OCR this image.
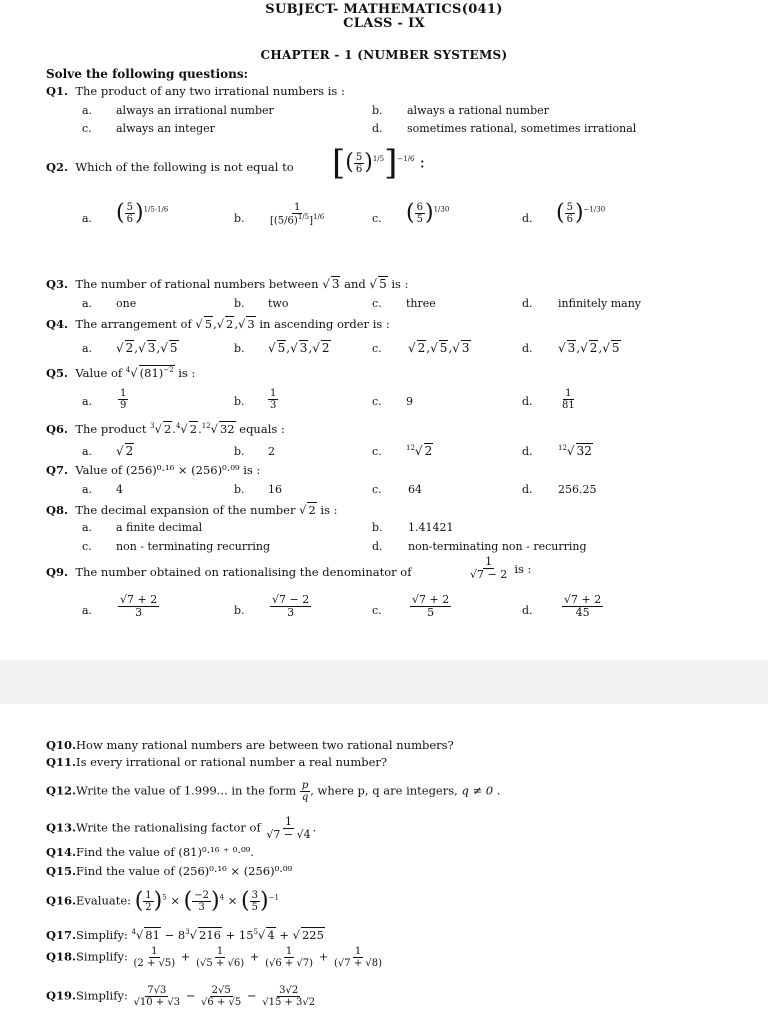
SUBJECT- MATHEMATICS(041)
CLASS - IX
CHAPTER - 1 (NUMBER SYSTEMS)
Solve the following questions:
Q1. The product of any two irrational numbers is :
a. always an irrational number	b. always a rational number
c. always an integer	d. sometimes rational, sometimes irrational
Q2. Which of the following is not equal to [( $\frac{5}{6} )^{1/5}]^{-1/6}$ :
a. ( $\frac{5}{6} )^{1/5\cdot 1/6}$
b. $\frac{1}{[(5/6)^{1/5}]^{1/6}}$	c. ( $\frac{6}{5} )^{1/30}$
d. ( $\frac{5}{6} )^{-1/30}$
Q3. The number of rational numbers between √ 3 and √ 5 is :
a. one	b. two	c. three	d. infinitely many
Q4. The arrangement of √ 5,√ 2,√ 3 in ascending order is :
a. √ 2,√ 3,√ 5	b. √ 5,√ 3,√ 2	c. √ 2,√ 5,√ 3	d. √ 3,√ 2,√ 5
Q5. Value of $^4$√ $(81)^{-2}$ is :
a.	$\frac{1}{9}$	b. $\frac{1}{3}$	c. 9	d.	$\frac{1}{81}$
Q6. The product $^3$√ 2.$^4$√ 2.12√ 32 equals :
a. √ 2	b. 2	c.	$^{12}$√ 2	d.	$^{12}$√ 32
Q7. Value of (256)⁰·¹⁶ × (256)⁰·⁰⁹ is :
a. 4	b. 16	c. 64	d. 256.25
Q8. The decimal expansion of the number √ 2 is :
a. a finite decimal	b. 1.41421
c. non - terminating recurring	d. non-terminating non - recurring
Q9. The number obtained on rationalising the denominator of	$\frac{1}{√7 - 2}$ is :
a. $\frac{√7 + 2}{3}$	b. $\frac{√7 - 2}{3}$	c.	$\frac{√7 + 2}{5}$	d.	$\frac{√7 + 2}{45}$
Q10.How many rational numbers are between two rational numbers?
Q11.Is every irrational or rational number a real number?
Q12.Write the value of 1.999... in the form $\frac{p}{q}$ , where p, q are integers, q ≠ 0 .
Q13.Write the rationalising factor of $\frac{1}{√7 - √4}$ .
Q14.Find the value of (81)⁰·¹⁶ ⁺ ⁰·⁰⁹.
Q15.Find the value of (256)⁰·¹⁶ × (256)⁰·⁰⁹
Q16.Evaluate: ( $\frac{1}{2} )^5$ × ( $\frac{-2}{3} )^4$ × ( $\frac{3}{5} )^{-1}$
Q17.Simplify: $^4$√ $81 - 8^3√$ $216 + 15^5√$ 4 + √ 225
Q18.Simplify: $\frac{1}{(2 + √5)} + \frac{1}{(√5 + √6)} + \frac{1}{(√6 + √7)} + \frac{1}{(√7 + √8)}$
Q19.Simplify: $\frac{7√3}{√10 + √3} - \frac{2√5}{√6 + √5} - \frac{3√2}{√15 + 3√2}$
